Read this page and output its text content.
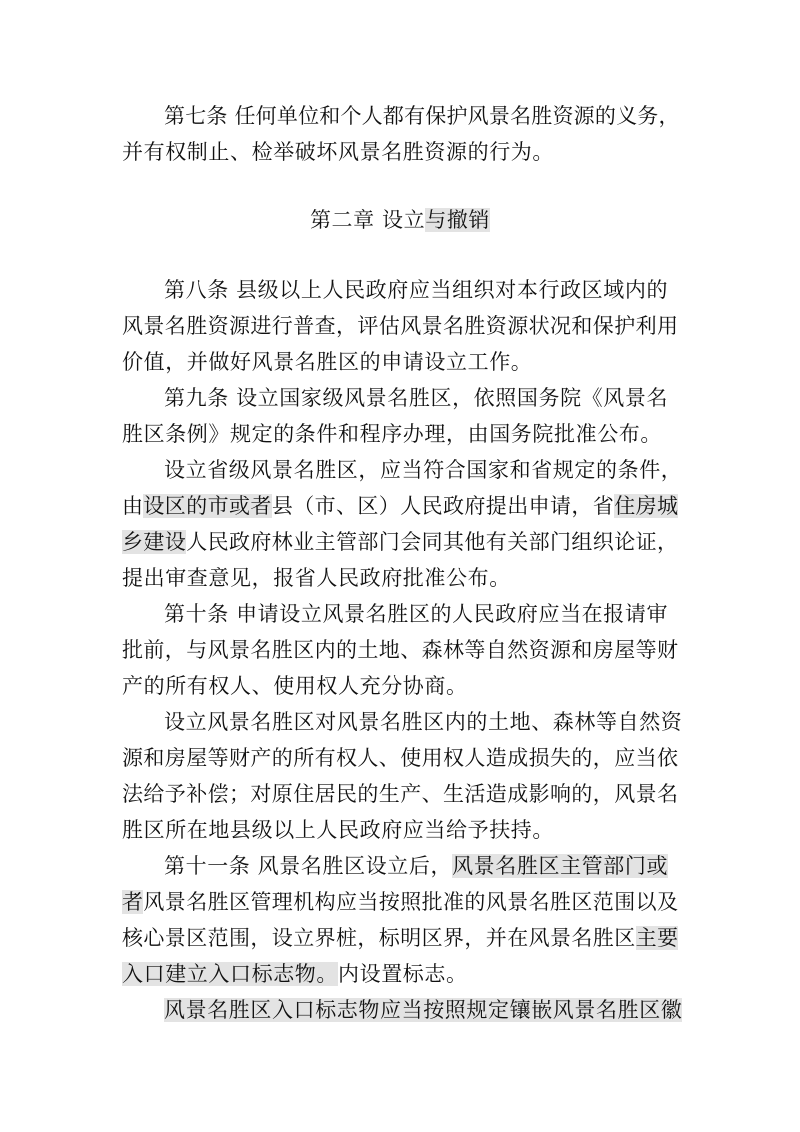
第七条 任何单位和个人都有保护风景名胜资源的义务，
并有权制止、检举破坏风景名胜资源的行为。
第二章 设立与撤销
第八条 县级以上人民政府应当组织对本行政区域内的
风景名胜资源进行普查，评估风景名胜资源状况和保护利用
价值，并做好风景名胜区的申请设立工作。
第九条 设立国家级风景名胜区，依照国务院《风景名
胜区条例》规定的条件和程序办理，由国务院批准公布。
设立省级风景名胜区，应当符合国家和省规定的条件，
由设区的市或者县（市、区）人民政府提出申请，省住房城
乡建设人民政府林业主管部门会同其他有关部门组织论证，
提出审查意见，报省人民政府批准公布。
第十条 申请设立风景名胜区的人民政府应当在报请审
批前，与风景名胜区内的土地、森林等自然资源和房屋等财
产的所有权人、使用权人充分协商。
设立风景名胜区对风景名胜区内的土地、森林等自然资
源和房屋等财产的所有权人、使用权人造成损失的，应当依
法给予补偿；对原住居民的生产、生活造成影响的，风景名
胜区所在地县级以上人民政府应当给予扶持。
第十一条 风景名胜区设立后，风景名胜区主管部门或
者风景名胜区管理机构应当按照批准的风景名胜区范围以及
核心景区范围，设立界桩，标明区界，并在风景名胜区主要
入口建立入口标志物。内设置标志。
风景名胜区入口标志物应当按照规定镶嵌风景名胜区徽
